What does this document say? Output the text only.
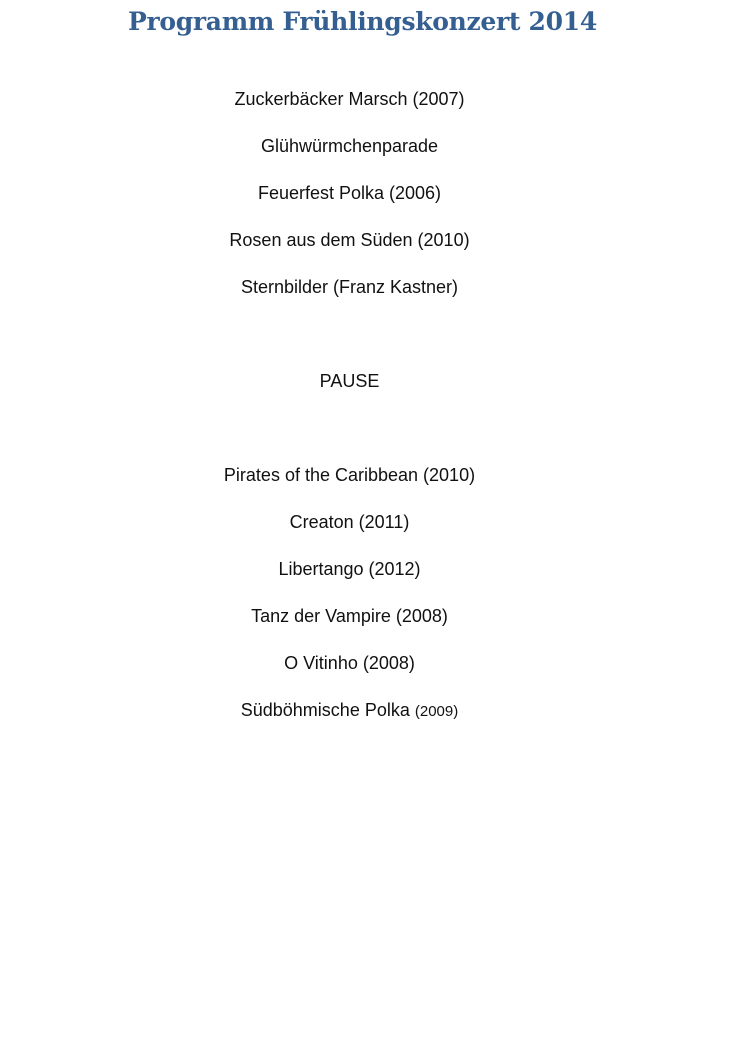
Programm Frühlingskonzert 2014
Zuckerbäcker Marsch (2007)
Glühwürmchenparade
Feuerfest Polka (2006)
Rosen aus dem Süden (2010)
Sternbilder (Franz Kastner)
PAUSE
Pirates of the Caribbean (2010)
Creaton (2011)
Libertango (2012)
Tanz der Vampire (2008)
O Vitinho (2008)
Südböhmische Polka (2009)
